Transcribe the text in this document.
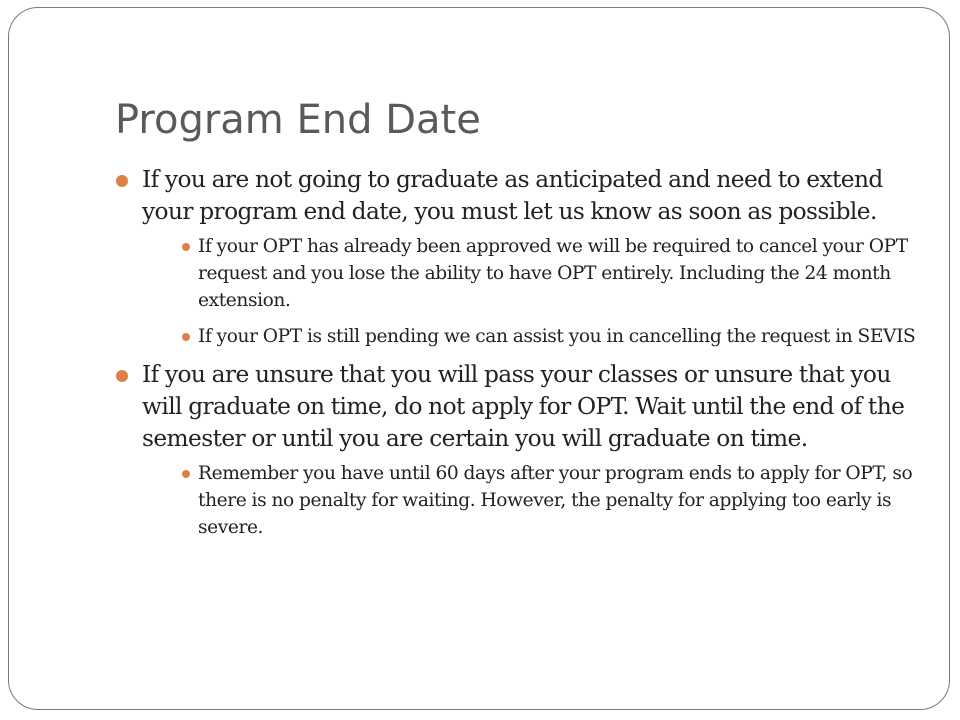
Program End Date
If you are not going to graduate as anticipated and need to extend your program end date, you must let us know as soon as possible.
If your OPT has already been approved we will be required to cancel your OPT request and you lose the ability to have OPT entirely. Including the 24 month extension.
If your OPT is still pending we can assist you in cancelling the request in SEVIS
If you are unsure that you will pass your classes or unsure that you will graduate on time, do not apply for OPT. Wait until the end of the semester or until you are certain you will graduate on time.
Remember you have until 60 days after your program ends to apply for OPT, so there is no penalty for waiting. However, the penalty for applying too early is severe.
